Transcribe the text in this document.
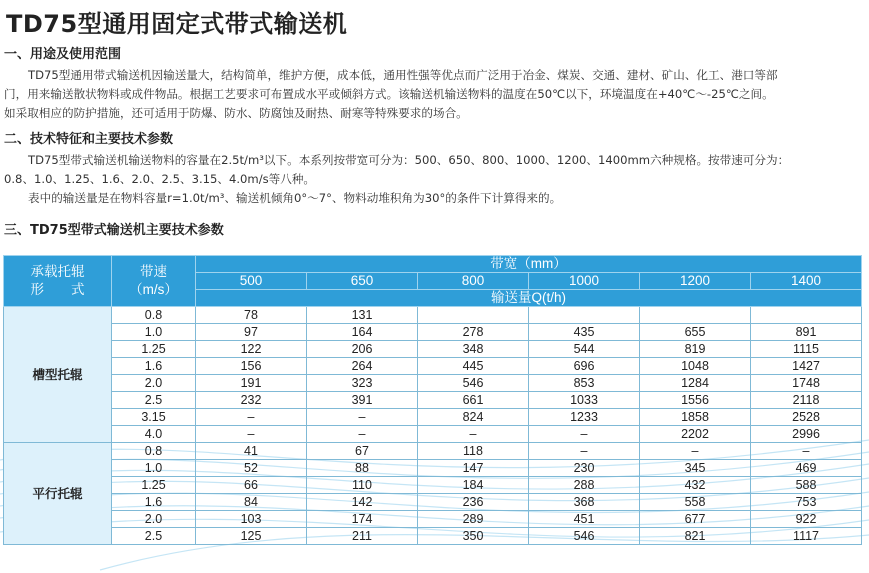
TD75型通用固定式带式输送机
一、用途及使用范围

TD75型通用带式输送机因输送量大，结构简单，维护方便，成本低，通用性强等优点而广泛用于冶金、煤炭、交通、建材、矿山、化工、港口等部
门，用来输送散状物料或成件物品。根据工艺要求可布置成水平或倾斜方式。该输送机输送物料的温度在50℃以下，环境温度在+40℃～-25℃之间。
如采取相应的防护措施，还可适用于防爆、防水、防腐蚀及耐热、耐寒等特殊要求的场合。

二、技术特征和主要技术参数

TD75型带式输送机输送物料的容量在2.5t/m³以下。本系列按带宽可分为：500、650、800、1000、1200、1400mm六种规格。按带速可分为：
0.8、1.0、1.25、1.6、2.0、2.5、3.15、4.0m/s等八种。
表中的输送量是在物料容量r=1.0t/m³、输送机倾角0°～7°、物料动堆积角为30°的条件下计算得来的。

三、TD75型带式输送机主要技术参数
承载托辊
形　　式	带速
（m/s）	带宽（mm）					
		500	650	800	1000	1200	1400
		输送量Q(t/h)					
槽型托辊	0.8	78	131				
	1.0	97	164	278	435	655	891
	1.25	122	206	348	544	819	1115
	1.6	156	264	445	696	1048	1427
	2.0	191	323	546	853	1284	1748
	2.5	232	391	661	1033	1556	2118
	3.15	–	–	824	1233	1858	2528
	4.0	–	–	–	–	2202	2996
平行托辊	0.8	41	67	118	–	–	–
	1.0	52	88	147	230	345	469
	1.25	66	110	184	288	432	588
	1.6	84	142	236	368	558	753
	2.0	103	174	289	451	677	922
	2.5	125	211	350	546	821	1117
